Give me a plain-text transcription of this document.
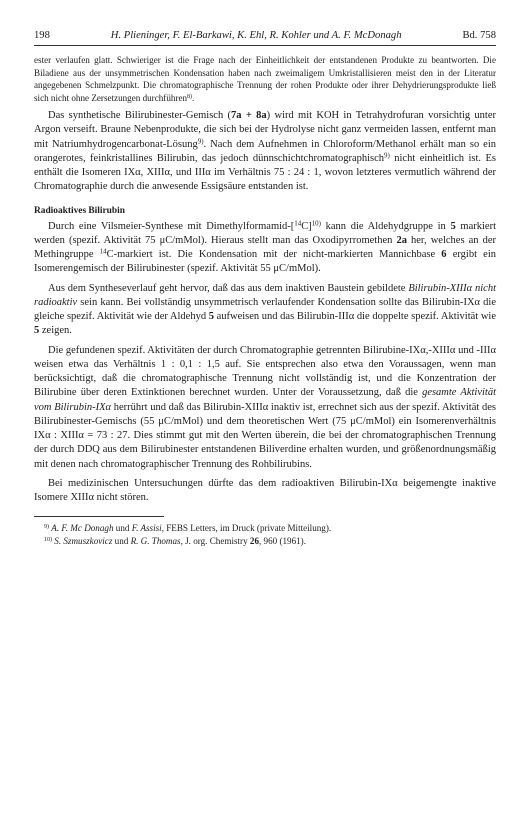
198	H. Plieninger, F. El-Barkawi, K. Ehl, R. Kohler und A. F. McDonagh	Bd. 758

ester verlaufen glatt. Schwieriger ist die Frage nach der Einheitlichkeit der entstandenen Produkte zu beantworten. Die Biladiene aus der unsymmetrischen Kondensation haben nach zweimaligem Umkristallisieren meist den in der Literatur angegebenen Schmelzpunkt. Die chromatographische Trennung der rohen Produkte oder ihrer Dehydrierungsprodukte ließ sich nicht ohne Zersetzungen durchführen$^{8)}$.

Das synthetische Bilirubinester-Gemisch (7a + 8a) wird mit KOH in Tetrahydrofuran vorsichtig unter Argon verseift. Braune Nebenprodukte, die sich bei der Hydrolyse nicht ganz vermeiden lassen, entfernt man mit Natriumhydrogencarbonat-Lösung$^{9)}$. Nach dem Aufnehmen in Chloroform/Methanol erhält man so ein orangerotes, feinkristallines Bilirubin, das jedoch dünnschichtchromatographisch$^{9)}$ nicht einheitlich ist. Es enthält die Isomeren IXα, XIIIα, und IIIα im Verhältnis 75 : 24 : 1, wovon letzteres vermutlich während der Chromatographie durch die anwesende Essigsäure entstanden ist.

Radioaktives Bilirubin

Durch eine Vilsmeier-Synthese mit Dimethylformamid-$[^{14}C]^{10)}$ kann die Aldehydgruppe in 5 markiert werden (spezif. Aktivität 75 μC/mMol). Hieraus stellt man das Oxodipyrromethen 2a her, welches an der Methingruppe $^{14}$C-markiert ist. Die Kondensation mit der nicht-markierten Mannichbase 6 ergibt ein Isomerengemisch der Bilirubinester (spezif. Aktivität 55 μC/mMol).

Aus dem Syntheseverlauf geht hervor, daß das aus dem inaktiven Baustein gebildete Bilirubin-XIIIα nicht radioaktiv sein kann. Bei vollständig unsymmetrisch verlaufender Kondensation sollte das Bilirubin-IXα die gleiche spezif. Aktivität wie der Aldehyd 5 aufweisen und das Bilirubin-IIIα die doppelte spezif. Aktivität wie 5 zeigen.

Die gefundenen spezif. Aktivitäten der durch Chromatographie getrennten Bilirubine-IXα,-XIIIα und -IIIα weisen etwa das Verhältnis 1 : 0,1 : 1,5 auf. Sie entsprechen also etwa den Voraussagen, wenn man berücksichtigt, daß die chromatographische Trennung nicht vollständig ist, und die Konzentration der Bilirubine über deren Extinktionen berechnet wurden. Unter der Voraussetzung, daß die gesamte Aktivität vom Bilirubin-IXα herrührt und daß das Bilirubin-XIIIα inaktiv ist, errechnet sich aus der spezif. Aktivität des Bilirubinester-Gemischs (55 μC/mMol) und dem theoretischen Wert (75 μC/mMol) ein Isomerenverhältnis IXα : XIIIα = 73 : 27. Dies stimmt gut mit den Werten überein, die bei der chromatographischen Trennung der durch DDQ aus dem Bilirubinester entstandenen Biliverdine erhalten wurden, und größenordnungsmäßig mit denen nach chromatographischer Trennung des Rohbilirubins.

Bei medizinischen Untersuchungen dürfte das dem radioaktiven Bilirubin-IXα beigemengte inaktive Isomere XIIIα nicht stören.

$^{9)}$ A. F. Mc Donagh und F. Assisi, FEBS Letters, im Druck (private Mitteilung).

$^{10)}$ S. Szmuszkovicz und R. G. Thomas, J. org. Chemistry 26, 960 (1961).
